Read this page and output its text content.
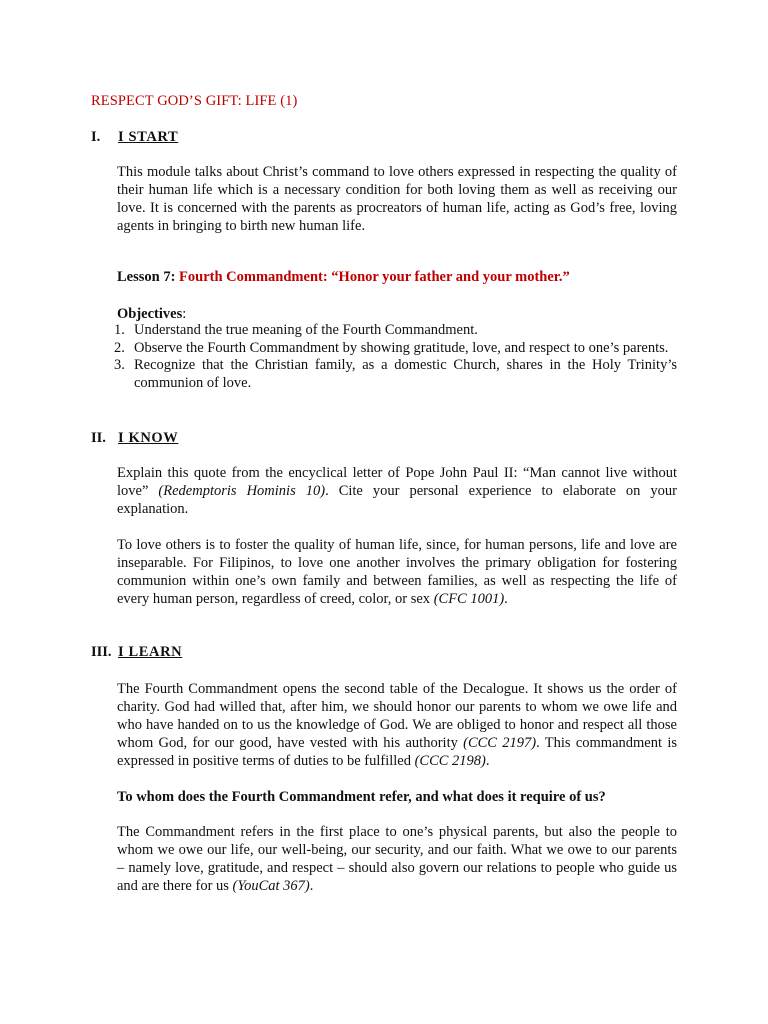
RESPECT GOD’S GIFT: LIFE (1)
I. I START
This module talks about Christ’s command to love others expressed in respecting the quality of their human life which is a necessary condition for both loving them as well as receiving our love. It is concerned with the parents as procreators of human life, acting as God’s free, loving agents in bringing to birth new human life.
Lesson 7: Fourth Commandment: “Honor your father and your mother.”
Objectives:
1. Understand the true meaning of the Fourth Commandment.
2. Observe the Fourth Commandment by showing gratitude, love, and respect to one’s parents.
3. Recognize that the Christian family, as a domestic Church, shares in the Holy Trinity’s communion of love.
II. I KNOW
Explain this quote from the encyclical letter of Pope John Paul II: “Man cannot live without love” (Redemptoris Hominis 10). Cite your personal experience to elaborate on your explanation.
To love others is to foster the quality of human life, since, for human persons, life and love are inseparable. For Filipinos, to love one another involves the primary obligation for fostering communion within one’s own family and between families, as well as respecting the life of every human person, regardless of creed, color, or sex (CFC 1001).
III. I LEARN
The Fourth Commandment opens the second table of the Decalogue. It shows us the order of charity. God had willed that, after him, we should honor our parents to whom we owe life and who have handed on to us the knowledge of God. We are obliged to honor and respect all those whom God, for our good, have vested with his authority (CCC 2197). This commandment is expressed in positive terms of duties to be fulfilled (CCC 2198).
To whom does the Fourth Commandment refer, and what does it require of us?
The Commandment refers in the first place to one’s physical parents, but also the people to whom we owe our life, our well-being, our security, and our faith. What we owe to our parents – namely love, gratitude, and respect – should also govern our relations to people who guide us and are there for us (YouCat 367).
